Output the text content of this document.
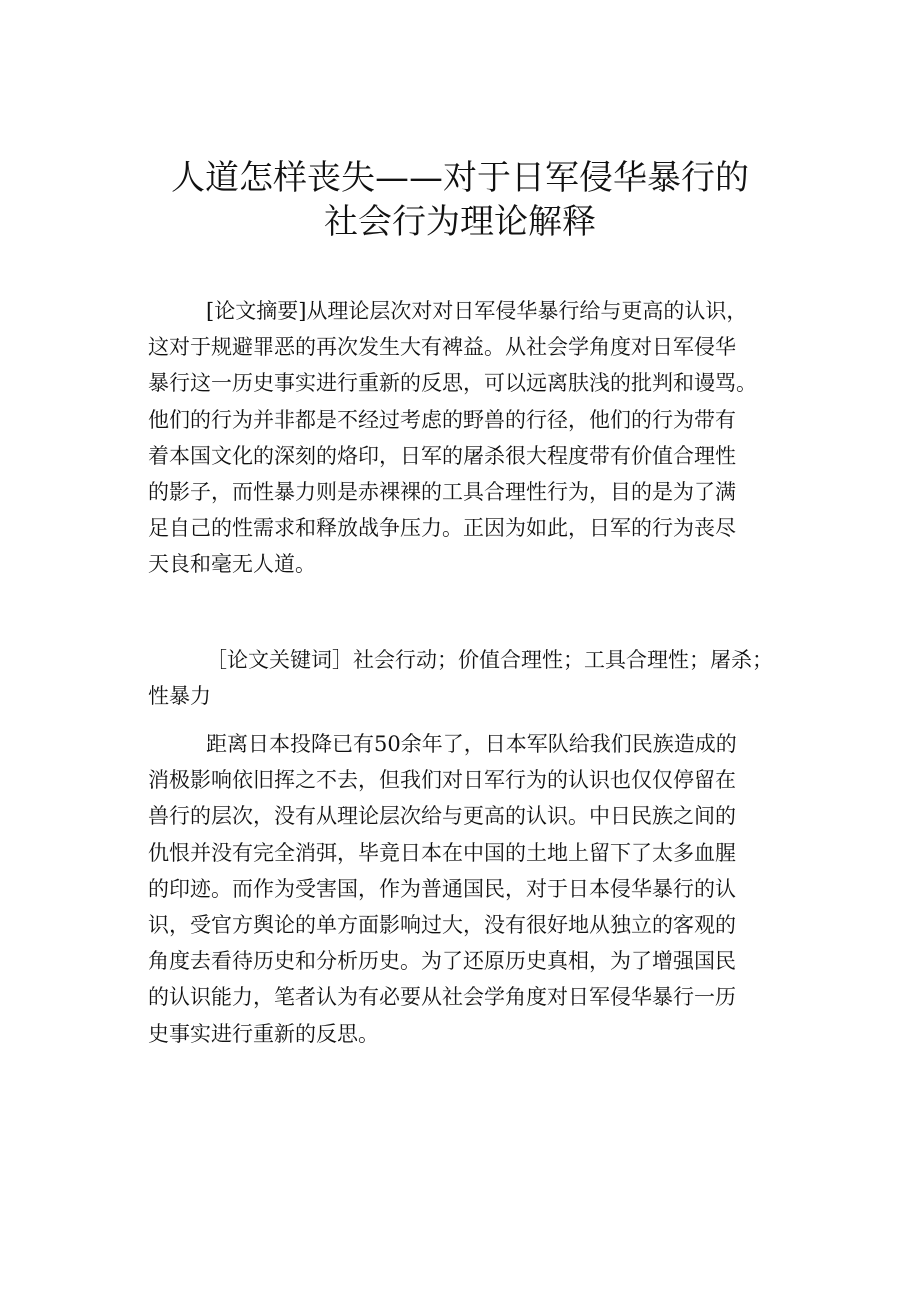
人道怎样丧失——对于日军侵华暴行的
社会行为理论解释
[论文摘要]从理论层次对对日军侵华暴行给与更高的认识，
这对于规避罪恶的再次发生大有裨益。从社会学角度对日军侵华
暴行这一历史事实进行重新的反思，可以远离肤浅的批判和谩骂。
他们的行为并非都是不经过考虑的野兽的行径，他们的行为带有
着本国文化的深刻的烙印，日军的屠杀很大程度带有价值合理性
的影子，而性暴力则是赤裸裸的工具合理性行为，目的是为了满
足自己的性需求和释放战争压力。正因为如此，日军的行为丧尽
天良和毫无人道。
［论文关键词］社会行动；价值合理性；工具合理性；屠杀；
性暴力
距离日本投降已有50余年了，日本军队给我们民族造成的
消极影响依旧挥之不去，但我们对日军行为的认识也仅仅停留在
兽行的层次，没有从理论层次给与更高的认识。中日民族之间的
仇恨并没有完全消弭，毕竟日本在中国的土地上留下了太多血腥
的印迹。而作为受害国，作为普通国民，对于日本侵华暴行的认
识，受官方舆论的单方面影响过大，没有很好地从独立的客观的
角度去看待历史和分析历史。为了还原历史真相，为了增强国民
的认识能力，笔者认为有必要从社会学角度对日军侵华暴行一历
史事实进行重新的反思。
